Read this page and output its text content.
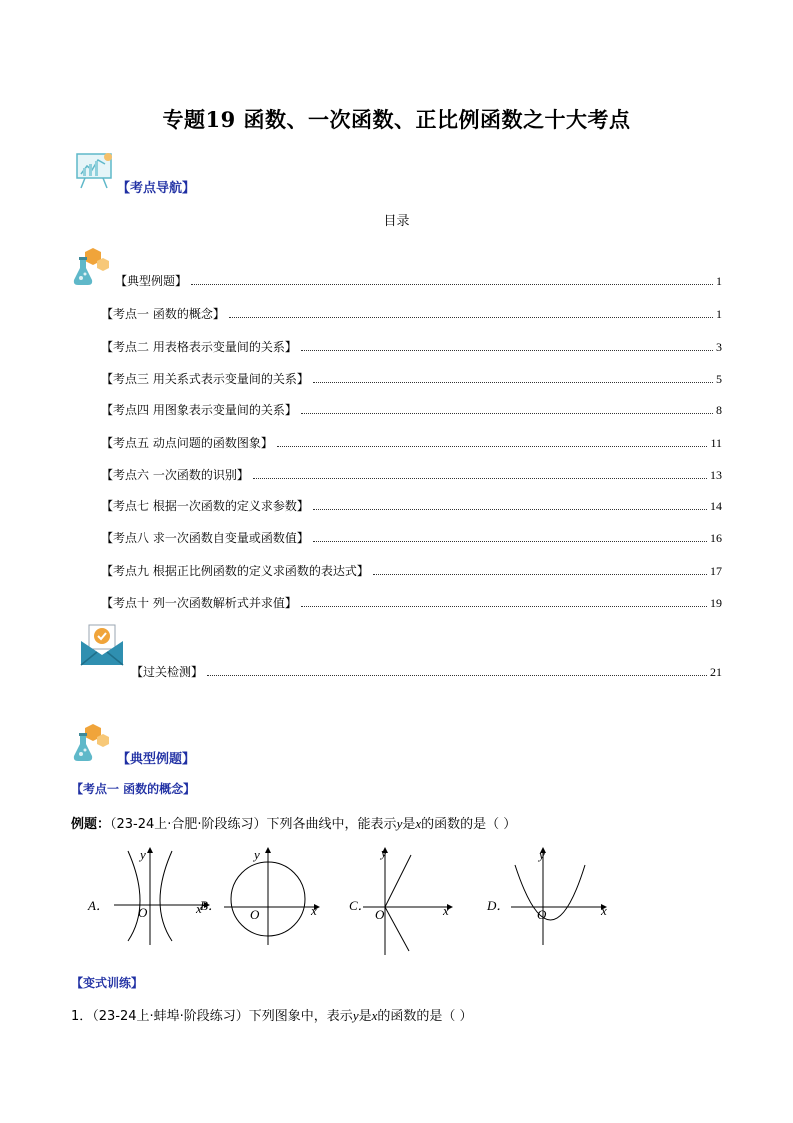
专题19 函数、一次函数、正比例函数之十大考点
【考点导航】
目录
【典型例题】	1
【考点一 函数的概念】	1
【考点二 用表格表示变量间的关系】	3
【考点三 用关系式表示变量间的关系】	5
【考点四 用图象表示变量间的关系】	8
【考点五 动点问题的函数图象】	11
【考点六 一次函数的识别】	13
【考点七 根据一次函数的定义求参数】	14
【考点八 求一次函数自变量或函数值】	16
【考点九 根据正比例函数的定义求函数的表达式】	17
【考点十 列一次函数解析式并求值】	19
【过关检测】	21
【典型例题】
【考点一 函数的概念】
例题：（23-24上·合肥·阶段练习）下列各曲线中，能表示y是x的函数的是（ ）
A．
y
x
O	B．
y
x
O
C．
y
x
O
D．
y
x
O
【变式训练】
1．（23-24上·蚌埠·阶段练习）下列图象中，表示y是x的函数的是（ ）
